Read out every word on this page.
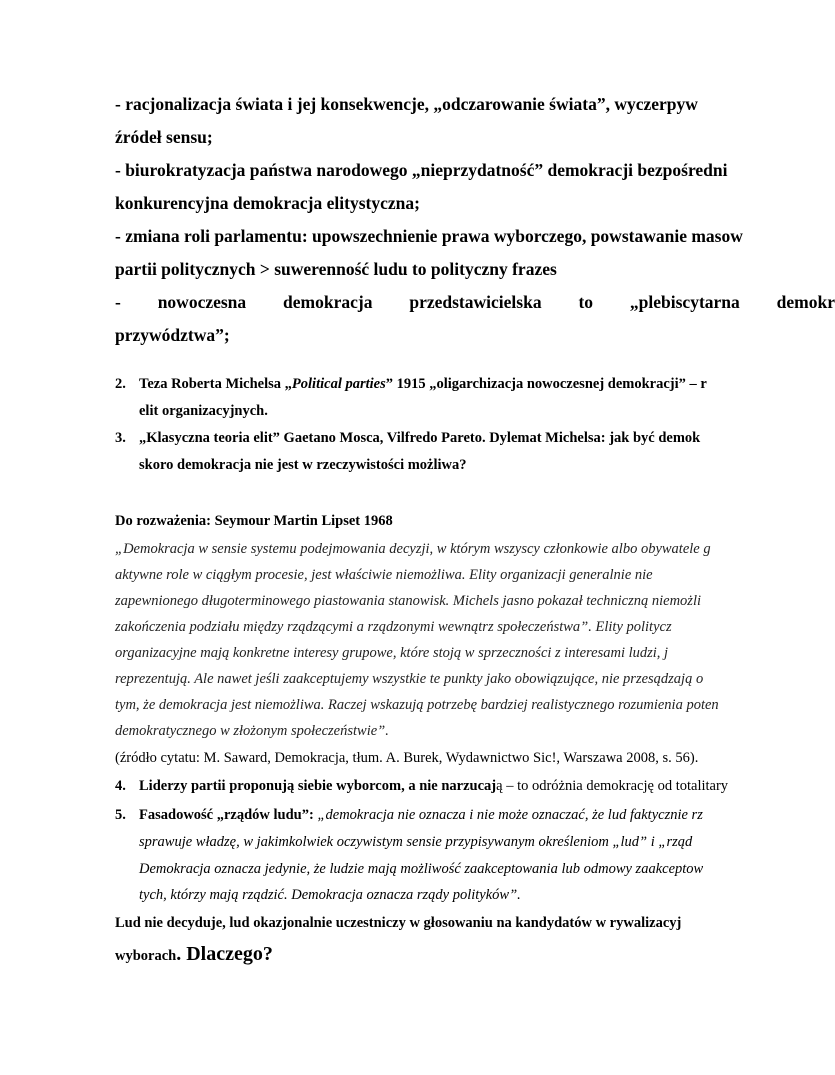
- racjonalizacja świata i jej konsekwencje, „odczarowanie świata”, wyczerpyw
źródeł sensu;
- biurokratyzacja państwa narodowego „nieprzydatność” demokracji bezpośredni
konkurencyjna demokracja elitystyczna;
- zmiana roli parlamentu: upowszechnienie prawa wyborczego, powstawanie masow
partii politycznych > suwerenność ludu to polityczny frazes
- nowoczesna demokracja przedstawicielska to „plebiscytarna demokr
przywództwa”;
2. Teza Roberta Michelsa „Political parties” 1915 „oligarchizacja nowoczesnej demokracji” – r
elit organizacyjnych.
3. „Klasyczna teoria elit” Gaetano Mosca, Vilfredo Pareto. Dylemat Michelsa: jak być demok
skoro demokracja nie jest w rzeczywistości możliwa?
Do rozważenia: Seymour Martin Lipset 1968
„Demokracja w sensie systemu podejmowania decyzji, w którym wszyscy członkowie albo obywatele g
aktywne role w ciągłym procesie, jest właściwie niemożliwa. Elity organizacji generalnie nie
zapewnionego długoterminowego piastowania stanowisk. Michels jasno pokazał techniczną niemożli
zakończenia podziału między rządzącymi a rządzonymi wewnątrz społeczeństwa”. Elity politycz
organizacyjne mają konkretne interesy grupowe, które stoją w sprzeczności z interesami ludzi, j
reprezentują. Ale nawet jeśli zaakceptujemy wszystkie te punkty jako obowiązujące, nie przesądzają o
tym, że demokracja jest niemożliwa. Raczej wskazują potrzebę bardziej realistycznego rozumienia poten
demokratycznego w złożonym społeczeństwie”.
(źródło cytatu: M. Saward, Demokracja, tłum. A. Burek, Wydawnictwo Sic!, Warszawa 2008, s. 56).
4. Liderzy partii proponują siebie wyborcom, a nie narzucają – to odróżnia demokrację od totalitary
5. Fasadowość „rządów ludu”: „demokracja nie oznacza i nie może oznaczać, że lud faktycznie rz
sprawuje władzę, w jakimkolwiek oczywistym sensie przypisywanym określeniom „lud” i „rząd
Demokracja oznacza jedynie, że ludzie mają możliwość zaakceptowania lub odmowy zaakceptow
tych, którzy mają rządzić. Demokracja oznacza rządy polityków”.
Lud nie decyduje, lud okazjonalnie uczestniczy w głosowaniu na kandydatów w rywalizacyj
wyborach. Dlaczego?
